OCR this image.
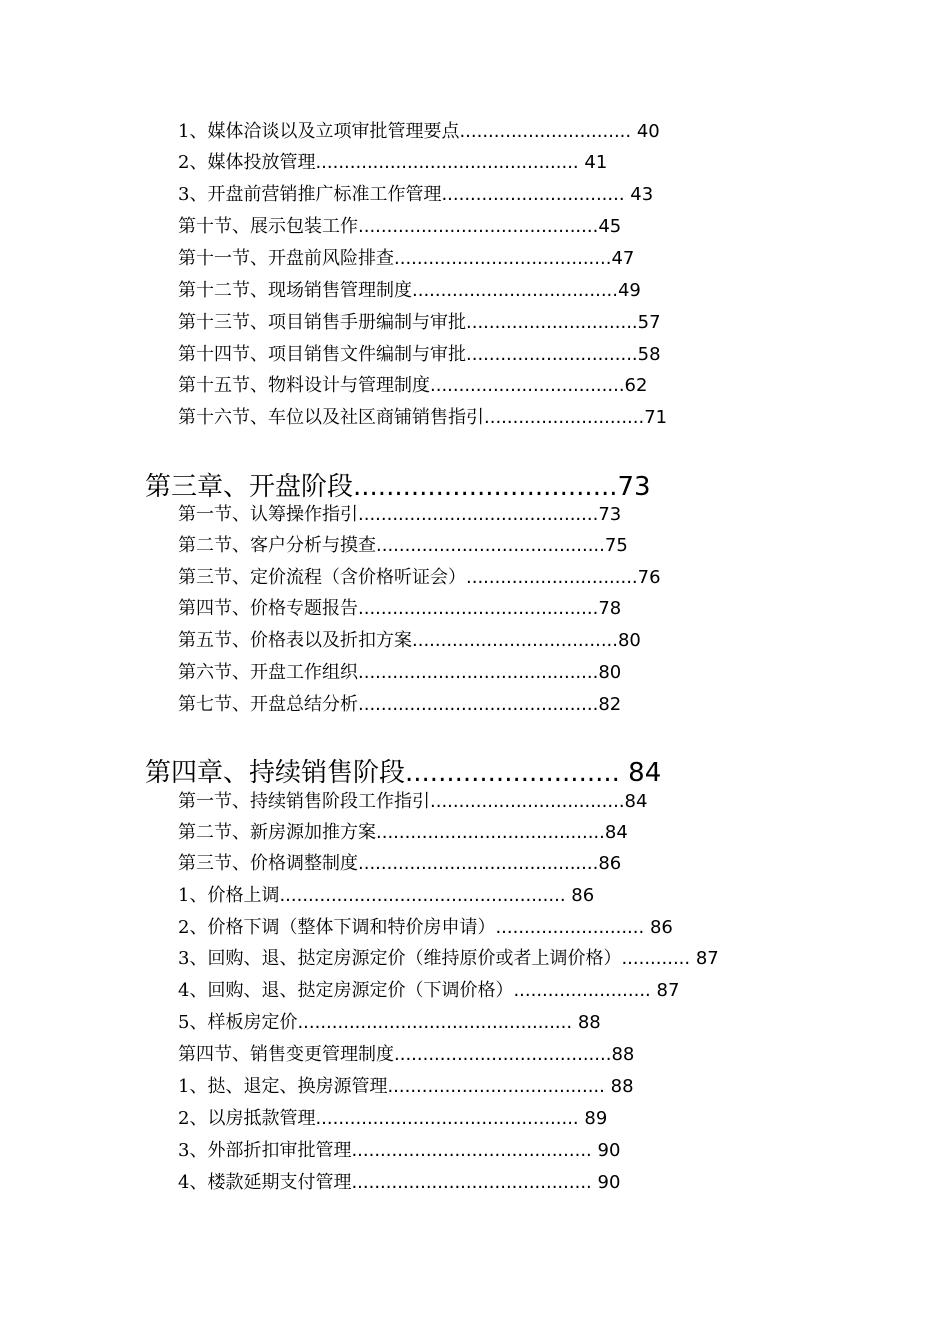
1、媒体洽谈以及立项审批管理要点.............................. 40

2、媒体投放管理.............................................. 41

3、开盘前营销推广标准工作管理................................ 43

第十节、展示包装工作..........................................45

第十一节、开盘前风险排查......................................47

第十二节、现场销售管理制度....................................49

第十三节、项目销售手册编制与审批..............................57

第十四节、项目销售文件编制与审批..............................58

第十五节、物料设计与管理制度..................................62

第十六节、车位以及社区商铺销售指引............................71

第三章、开盘阶段................................73

第一节、认筹操作指引..........................................73

第二节、客户分析与摸查........................................75

第三节、定价流程（含价格听证会）..............................76

第四节、价格专题报告..........................................78

第五节、价格表以及折扣方案....................................80

第六节、开盘工作组织..........................................80

第七节、开盘总结分析..........................................82

第四章、持续销售阶段.......................... 84

第一节、持续销售阶段工作指引..................................84

第二节、新房源加推方案........................................84

第三节、价格调整制度..........................................86

1、价格上调.................................................. 86

2、价格下调（整体下调和特价房申请）.......................... 86

3、回购、退、挞定房源定价（维持原价或者上调价格）............ 87

4、回购、退、挞定房源定价（下调价格）........................ 87

5、样板房定价................................................ 88

第四节、销售变更管理制度......................................88

1、挞、退定、换房源管理...................................... 88

2、以房抵款管理.............................................. 89

3、外部折扣审批管理.......................................... 90

4、楼款延期支付管理.......................................... 90
